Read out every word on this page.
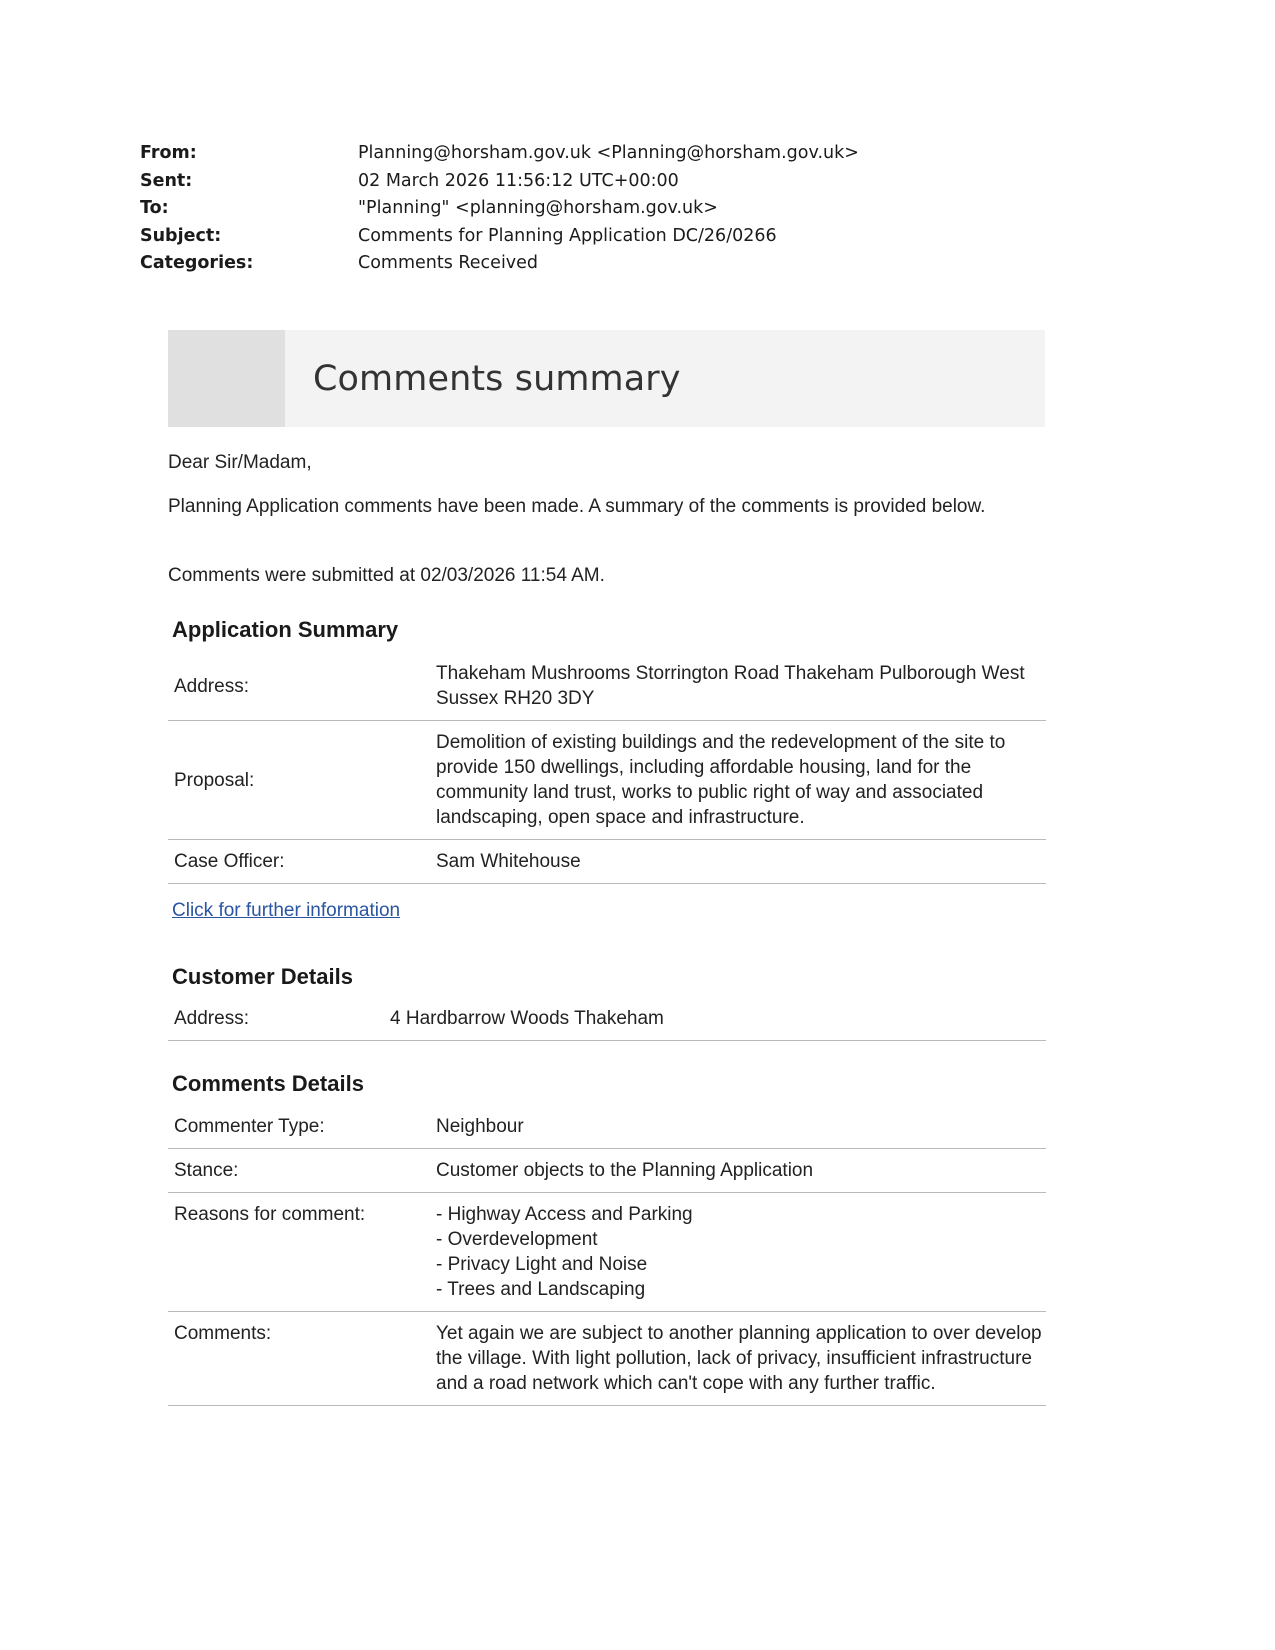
From:	Planning@horsham.gov.uk <Planning@horsham.gov.uk>
Sent:	02 March 2026 11:56:12 UTC+00:00
To:	"Planning" <planning@horsham.gov.uk>
Subject:	Comments for Planning Application DC/26/0266
Categories:	Comments Received
Comments summary
Dear Sir/Madam,
Planning Application comments have been made. A summary of the comments is provided below.
Comments were submitted at 02/03/2026 11:54 AM.
Application Summary
Address:	Thakeham Mushrooms Storrington Road Thakeham Pulborough West Sussex RH20 3DY
Proposal:	Demolition of existing buildings and the redevelopment of the site to provide 150 dwellings, including affordable housing, land for the community land trust, works to public right of way and associated landscaping, open space and infrastructure.
Case Officer:	Sam Whitehouse
Click for further information
Customer Details
Address:	4 Hardbarrow Woods Thakeham
Comments Details
Commenter Type:	Neighbour
Stance:	Customer objects to the Planning Application
Reasons for comment:	- Highway Access and Parking
- Overdevelopment
- Privacy Light and Noise
- Trees and Landscaping

Comments:	Yet again we are subject to another planning application to over develop the village. With light pollution, lack of privacy, insufficient infrastructure and a road network which can't cope with any further traffic.
